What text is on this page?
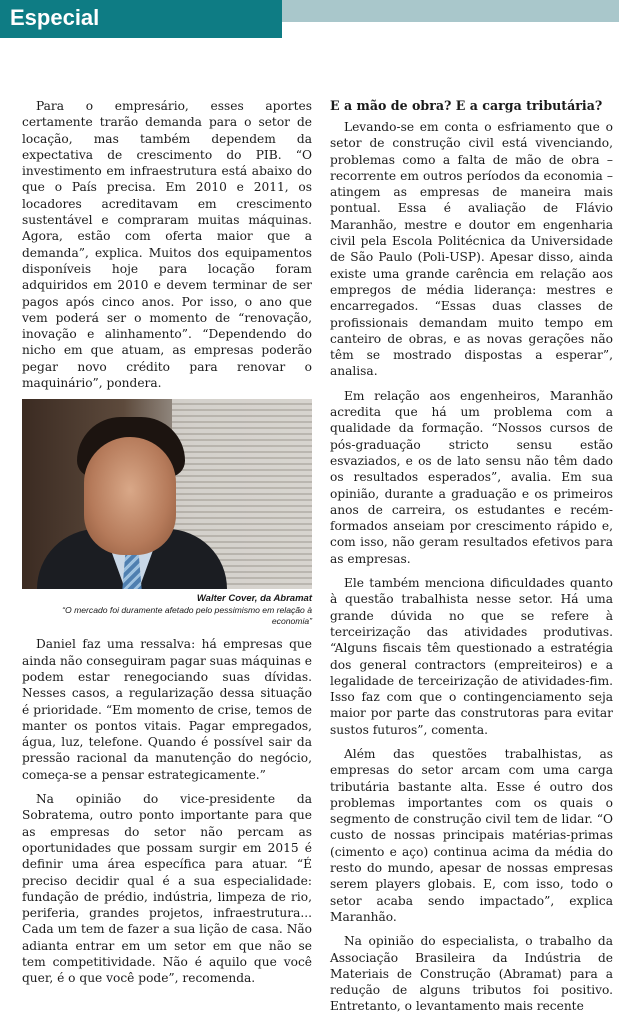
Especial

Para o empresário, esses aportes certamente trarão demanda para o setor de locação, mas também dependem da expectativa de crescimento do PIB. “O investimento em infraestrutura está abaixo do que o País precisa. Em 2010 e 2011, os locadores acreditavam em crescimento sustentável e compraram muitas máquinas. Agora, estão com oferta maior que a demanda”, explica. Muitos dos equipamentos disponíveis hoje para locação foram adquiridos em 2010 e devem terminar de ser pagos após cinco anos. Por isso, o ano que vem poderá ser o momento de “renovação, inovação e alinhamento”. “Dependendo do nicho em que atuam, as empresas poderão pegar novo crédito para renovar o maquinário”, pondera.

Walter Cover, da Abramat
“O mercado foi duramente afetado pelo pessimismo em relação à economia”

Daniel faz uma ressalva: há empresas que ainda não conseguiram pagar suas máquinas e podem estar renegociando suas dívidas. Nesses casos, a regularização dessa situação é prioridade. “Em momento de crise, temos de manter os pontos vitais. Pagar empregados, água, luz, telefone. Quando é possível sair da pressão racional da manutenção do negócio, começa-se a pensar estrategicamente.”

Na opinião do vice-presidente da Sobratema, outro ponto importante para que as empresas do setor não percam as oportunidades que possam surgir em 2015 é definir uma área específica para atuar. “É preciso decidir qual é a sua especialidade: fundação de prédio, indústria, limpeza de rio, periferia, grandes projetos, infraestrutura... Cada um tem de fazer a sua lição de casa. Não adianta entrar em um setor em que não se tem competitividade. Não é aquilo que você quer, é o que você pode”, recomenda.

E a mão de obra? E a carga tributária?

Levando-se em conta o esfriamento que o setor de construção civil está vivenciando, problemas como a falta de mão de obra – recorrente em outros períodos da economia – atingem as empresas de maneira mais pontual. Essa é avaliação de Flávio Maranhão, mestre e doutor em engenharia civil pela Escola Politécnica da Universidade de São Paulo (Poli-USP). Apesar disso, ainda existe uma grande carência em relação aos empregos de média liderança: mestres e encarregados. “Essas duas classes de profissionais demandam muito tempo em canteiro de obras, e as novas gerações não têm se mostrado dispostas a esperar”, analisa.

Em relação aos engenheiros, Maranhão acredita que há um problema com a qualidade da formação. “Nossos cursos de pós-graduação stricto sensu estão esvaziados, e os de lato sensu não têm dado os resultados esperados”, avalia. Em sua opinião, durante a graduação e os primeiros anos de carreira, os estudantes e recém-formados anseiam por crescimento rápido e, com isso, não geram resultados efetivos para as empresas.

Ele também menciona dificuldades quanto à questão trabalhista nesse setor. Há uma grande dúvida no que se refere à terceirização das atividades produtivas. “Alguns fiscais têm questionado a estratégia dos general contractors (empreiteiros) e a legalidade de terceirização de atividades-fim. Isso faz com que o contingenciamento seja maior por parte das construtoras para evitar sustos futuros”, comenta.

Além das questões trabalhistas, as empresas do setor arcam com uma carga tributária bastante alta. Esse é outro dos problemas importantes com os quais o segmento de construção civil tem de lidar. “O custo de nossas principais matérias-primas (cimento e aço) continua acima da média do resto do mundo, apesar de nossas empresas serem players globais. E, com isso, todo o setor acaba sendo impactado”, explica Maranhão.

Na opinião do especialista, o trabalho da Associação Brasileira da Indústria de Materiais de Construção (Abramat) para a redução de alguns tributos foi positivo. Entretanto, o levantamento mais recente
